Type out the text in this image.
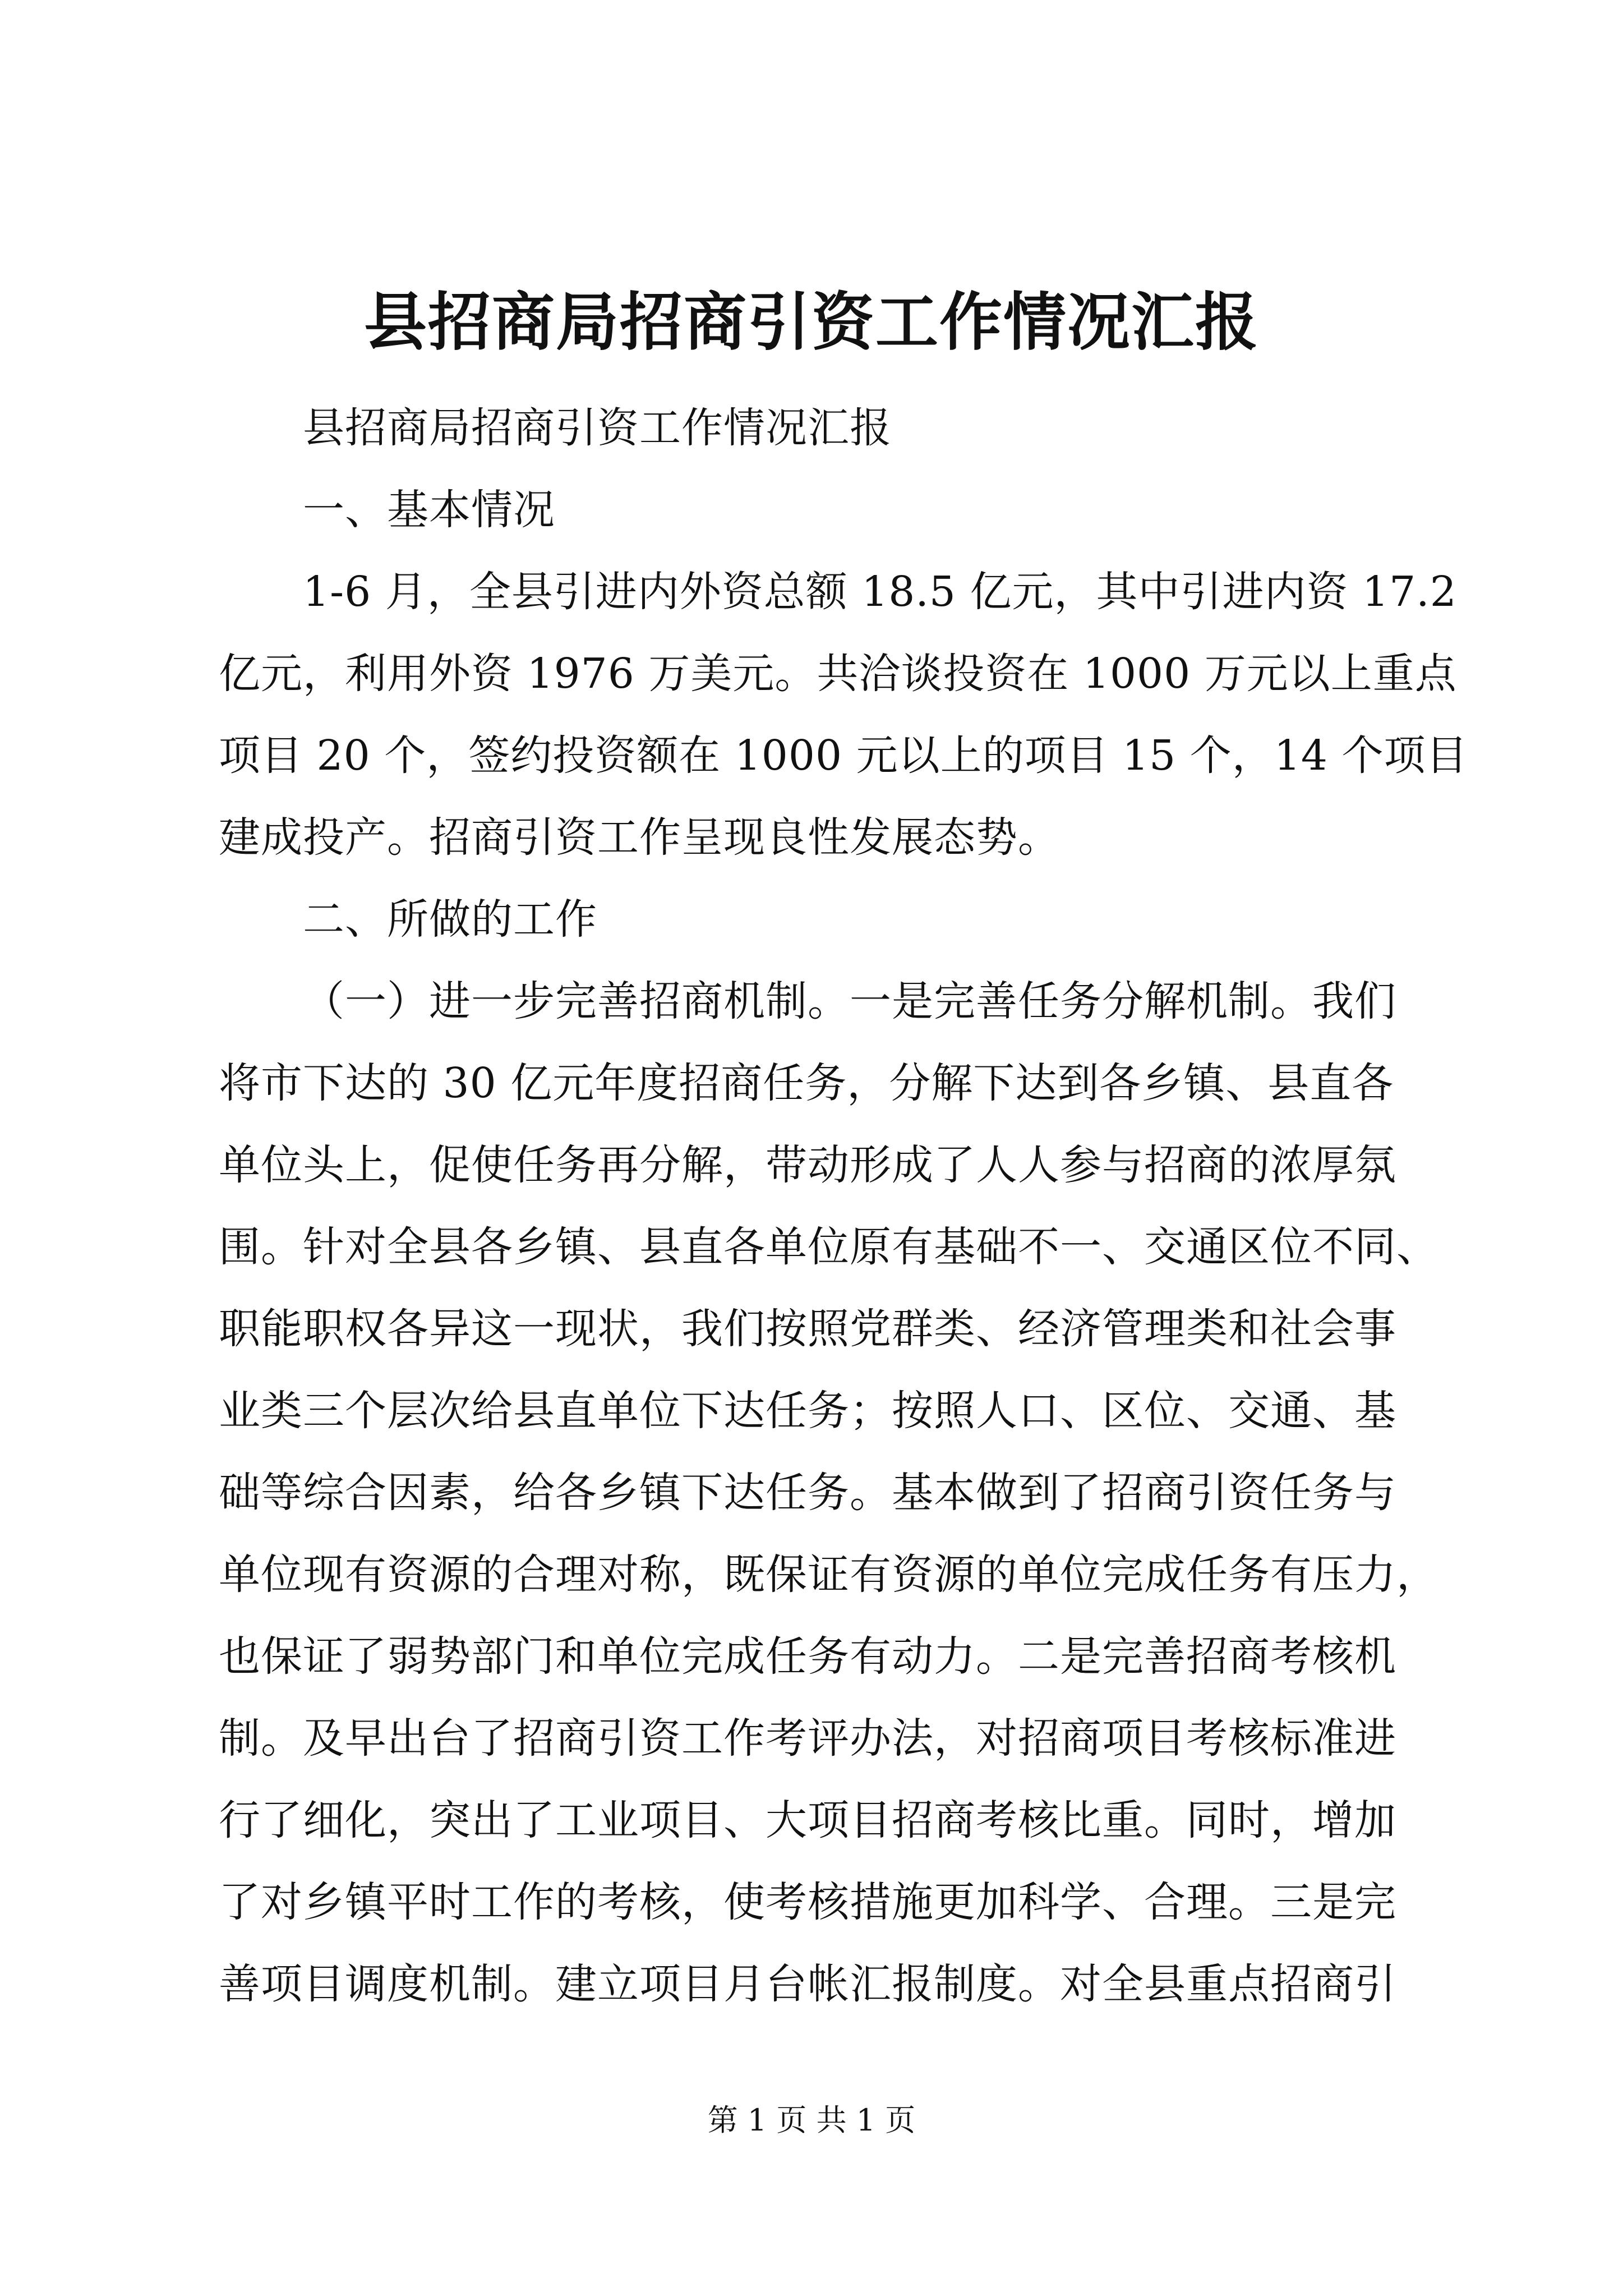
县招商局招商引资工作情况汇报
县招商局招商引资工作情况汇报
一、基本情况
1-6 月，全县引进内外资总额 18.5 亿元，其中引进内资 17.2
亿元，利用外资 1976 万美元。共洽谈投资在 1000 万元以上重点
项目 20 个，签约投资额在 1000 元以上的项目 15 个，14 个项目
建成投产。招商引资工作呈现良性发展态势。
二、所做的工作
（一）进一步完善招商机制。一是完善任务分解机制。我们
将市下达的 30 亿元年度招商任务，分解下达到各乡镇、县直各
单位头上，促使任务再分解，带动形成了人人参与招商的浓厚氛
围。针对全县各乡镇、县直各单位原有基础不一、交通区位不同、
职能职权各异这一现状，我们按照党群类、经济管理类和社会事
业类三个层次给县直单位下达任务；按照人口、区位、交通、基
础等综合因素，给各乡镇下达任务。基本做到了招商引资任务与
单位现有资源的合理对称，既保证有资源的单位完成任务有压力，
也保证了弱势部门和单位完成任务有动力。二是完善招商考核机
制。及早出台了招商引资工作考评办法，对招商项目考核标准进
行了细化，突出了工业项目、大项目招商考核比重。同时，增加
了对乡镇平时工作的考核，使考核措施更加科学、合理。三是完
善项目调度机制。建立项目月台帐汇报制度。对全县重点招商引
第 1 页 共 1 页
